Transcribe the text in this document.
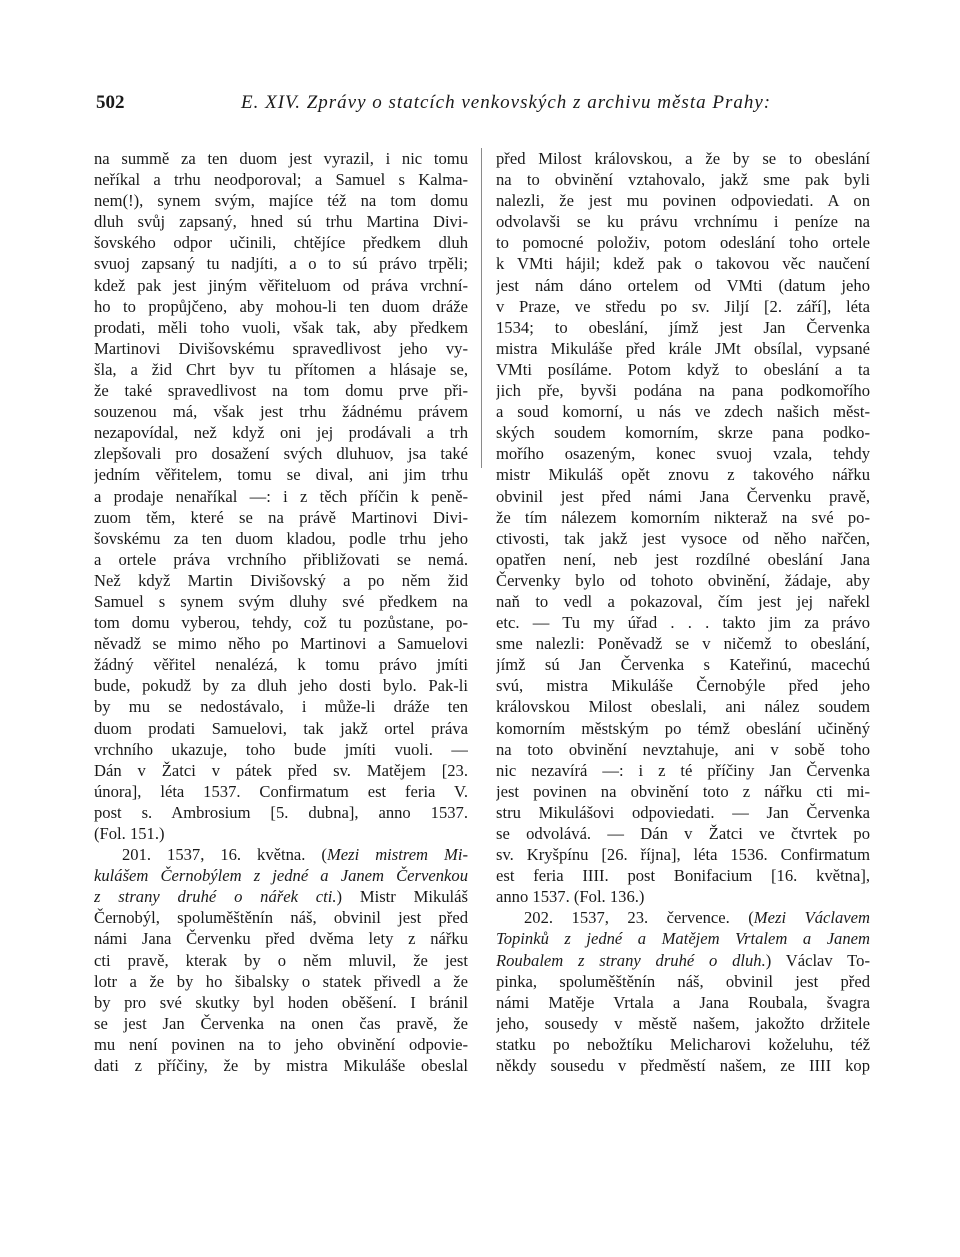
502	E. XIV. Zprávy o statcích venkovských z archivu města Prahy:
na summě za ten duom jest vyrazil, i nic tomu
neříkal a trhu neodporoval; a Samuel s Kalma-
nem(!), synem svým, majíce též na tom domu
dluh svůj zapsaný, hned sú trhu Martina Divi-
šovského odpor učinili, chtějíce předkem dluh
svuoj zapsaný tu nadjíti, a o to sú právo trpěli;
kdež pak jest jiným věřiteluom od práva vrchní-
ho to propůjčeno, aby mohou-li ten duom dráže
prodati, měli toho vuoli, však tak, aby předkem
Martinovi Divišovskému spravedlivost jeho vy-
šla, a žid Chrt byv tu přítomen a hlásaje se,
že také spravedlivost na tom domu prve při-
souzenou má, však jest trhu žádnému právem
nezapovídal, než když oni jej prodávali a trh
zlepšovali pro dosažení svých dluhuov, jsa také
jedním věřitelem, tomu se dival, ani jim trhu
a prodaje nenaříkal —: i z těch příčin k peně-
zuom těm, které se na právě Martinovi Divi-
šovskému za ten duom kladou, podle trhu jeho
a ortele práva vrchního přibližovati se nemá.
Než když Martin Divišovský a po něm žid
Samuel s synem svým dluhy své předkem na
tom domu vyberou, tehdy, což tu pozůstane, po-
něvadž se mimo něho po Martinovi a Samuelovi
žádný věřitel nenalézá, k tomu právo jmíti
bude, pokudž by za dluh jeho dosti bylo. Pak-li
by mu se nedostávalo, i může-li dráže ten
duom prodati Samuelovi, tak jakž ortel práva
vrchního ukazuje, toho bude jmíti vuoli. —
Dán v Žatci v pátek před sv. Matějem [23.
února], léta 1537. Confirmatum est feria V.
post s. Ambrosium [5. dubna], anno 1537.
(Fol. 151.)
201. 1537, 16. května. (Mezi mistrem Mi-
kulášem Černobýlem z jedné a Janem Červenkou
z strany druhé o nářek cti.) Mistr Mikuláš
Černobýl, spoluměštěnín náš, obvinil jest před
námi Jana Červenku před dvěma lety z nářku
cti pravě, kterak by o něm mluvil, že jest
lotr a že by ho šibalsky o statek přivedl a že
by pro své skutky byl hoden oběšení. I bránil
se jest Jan Červenka na onen čas pravě, že
mu není povinen na to jeho obvinění odpovie-
dati z příčiny, že by mistra Mikuláše obeslal
před Milost královskou, a že by se to obeslání
na to obvinění vztahovalo, jakž sme pak byli
nalezli, že jest mu povinen odpoviedati. A on
odvolavši se ku právu vrchnímu i peníze na
to pomocné položiv, potom odeslání toho ortele
k VMti hájil; kdež pak o takovou věc naučení
jest nám dáno ortelem od VMti (datum jeho
v Praze, ve středu po sv. Jiljí [2. září], léta
1534; to obeslání, jímž jest Jan Červenka
mistra Mikuláše před krále JMt obsílal, vypsané
VMti posíláme. Potom když to obeslání a ta
jich pře, byvši podána na pana podkomořího
a soud komorní, u nás ve zdech našich měst-
ských soudem komorním, skrze pana podko-
mořího osazeným, konec svuoj vzala, tehdy
mistr Mikuláš opět znovu z takového nářku
obvinil jest před námi Jana Červenku pravě,
že tím nálezem komorním nikteraž na své po-
ctivosti, tak jakž jest vysoce od něho nařčen,
opatřen není, neb jest rozdílné obeslání Jana
Červenky bylo od tohoto obvinění, žádaje, aby
naň to vedl a pokazoval, čím jest jej nařekl
etc. — Tu my úřad . . . takto jim za právo
sme nalezli: Poněvadž se v ničemž to obeslání,
jímž sú Jan Červenka s Kateřinú, macechú
svú, mistra Mikuláše Černobýle před jeho
královskou Milost obeslali, ani nález soudem
komorním městským po témž obeslání učiněný
na toto obvinění nevztahuje, ani v sobě toho
nic nezavírá —: i z té příčiny Jan Červenka
jest povinen na obvinění toto z nářku cti mi-
stru Mikulášovi odpoviedati. — Jan Červenka
se odvolává. — Dán v Žatci ve čtvrtek po
sv. Kryšpínu [26. října], léta 1536. Confirmatum
est feria IIII. post Bonifacium [16. května],
anno 1537. (Fol. 136.)
202. 1537, 23. července. (Mezi Václavem
Topinků z jedné a Matějem Vrtalem a Janem
Roubalem z strany druhé o dluh.) Václav To-
pinka, spoluměštěnín náš, obvinil jest před
námi Matěje Vrtala a Jana Roubala, švagra
jeho, sousedy v městě našem, jakožto držitele
statku po nebožtíku Melicharovi koželuhu, též
někdy sousedu v předměstí našem, ze IIII kop
